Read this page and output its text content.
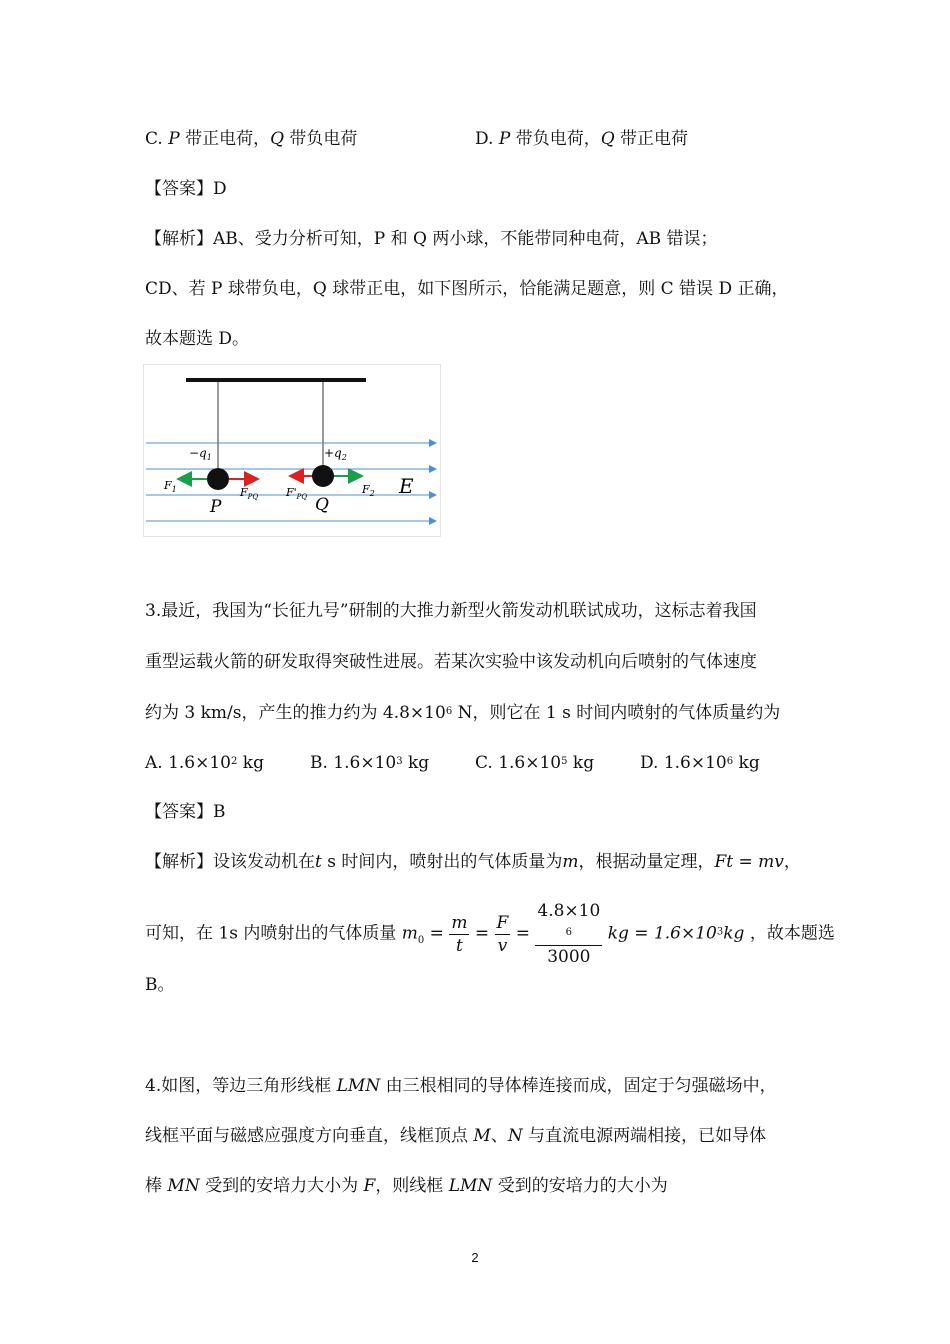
C. P 带正电荷，Q 带负电荷	D. P 带负电荷，Q 带正电荷
【答案】D
【解析】AB、受力分析可知，P 和 Q 两小球，不能带同种电荷，AB 错误；
CD、若 P 球带负电，Q 球带正电，如下图所示，恰能满足题意，则 C 错误 D 正确，
故本题选 D。
$-q_1$	$+q_2$
$F_1$	$F_{PQ}$	$F'_{PQ}$
$F_2$
P	Q
E
3.最近，我国为“长征九号”研制的大推力新型火箭发动机联试成功，这标志着我国
重型运载火箭的研发取得突破性进展。若某次实验中该发动机向后喷射的气体速度
约为 3 km/s，产生的推力约为 $4.8\times 10^6$ N，则它在 1 s 时间内喷射的气体质量约为
A. $1.6\times 10^2$ kg	B. $1.6\times 10^3$ kg	C. $1.6\times 10^5$ kg	D. $1.6\times 10^6$ kg
【答案】B
【解析】设该发动机在t s 时间内，喷射出的气体质量为m，根据动量定理，Ft = mv，
可知，在 1s 内喷射出的气体质量 $m_0 = \frac{m}{t} = \frac{F}{v} = 4.8\times 10$
$^6$
3000 kg = $1.6\times 10^3kg$ ，故本题选
B。
4.如图，等边三角形线框 LMN 由三根相同的导体棒连接而成，固定于匀强磁场中，
线框平面与磁感应强度方向垂直，线框顶点 M、N 与直流电源两端相接，已如导体
棒 MN 受到的安培力大小为 F，则线框 LMN 受到的安培力的大小为
2
